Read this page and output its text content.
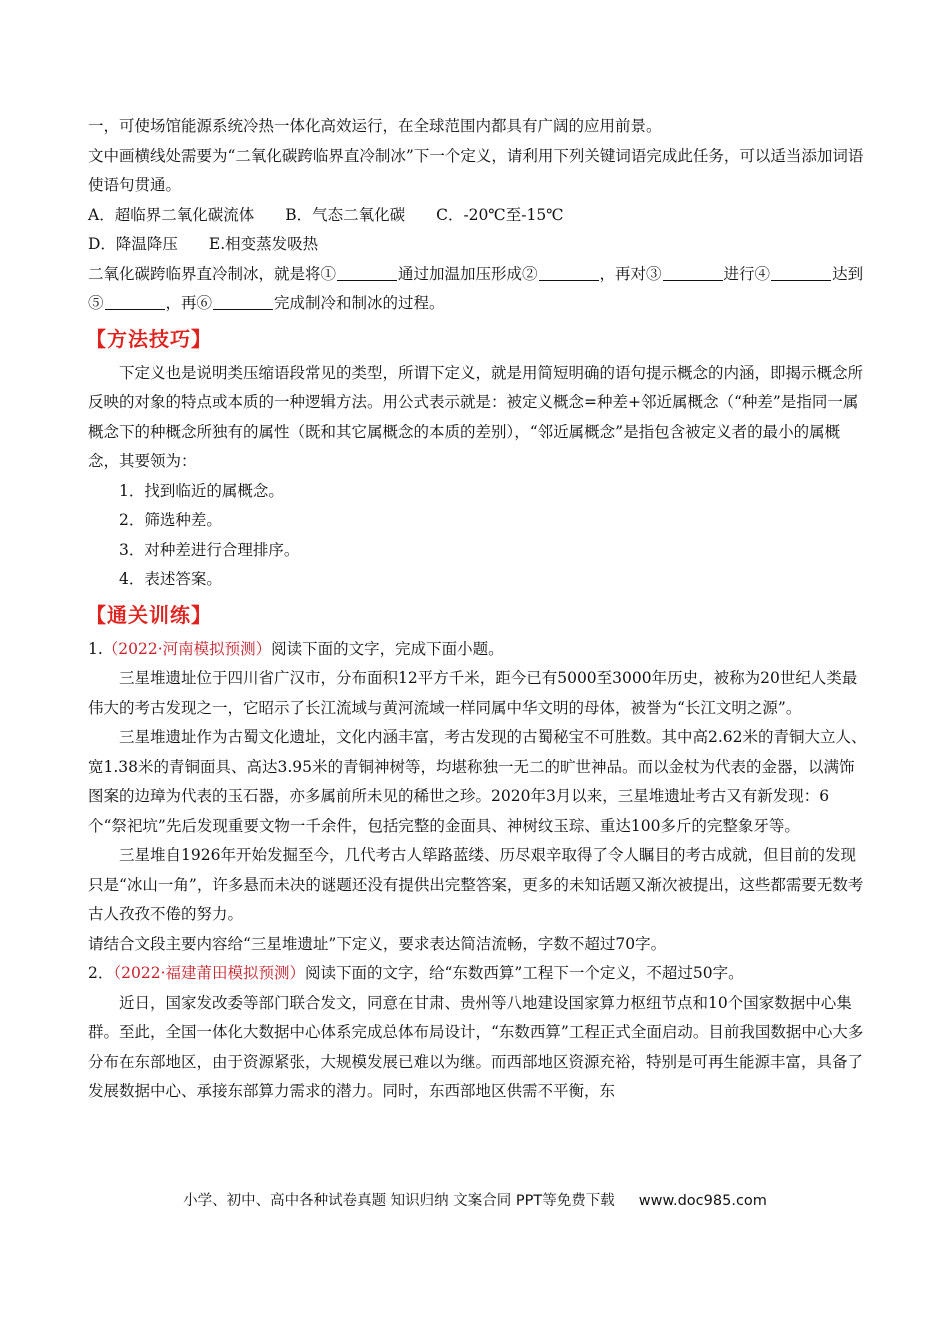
一，可使场馆能源系统冷热一体化高效运行，在全球范围内都具有广阔的应用前景。

文中画横线处需要为“二氧化碳跨临界直冷制冰”下一个定义，请利用下列关键词语完成此任务，可以适当添加词语使语句贯通。

A．超临界二氧化碳流体　　B．气态二氧化碳　　C．-20℃至-15℃

D．降温降压　　E.相变蒸发吸热

二氧化碳跨临界直冷制冰，就是将①	通过加温加压形成②	，再对③	进行④	达到⑤	，再⑥	完成制冷和制冰的过程。

【方法技巧】

下定义也是说明类压缩语段常见的类型，所谓下定义，就是用简短明确的语句提示概念的内涵，即揭示概念所反映的对象的特点或本质的一种逻辑方法。用公式表示就是：被定义概念=种差+邻近属概念（“种差”是指同一属概念下的种概念所独有的属性（既和其它属概念的本质的差别），“邻近属概念”是指包含被定义者的最小的属概念，其要领为：

1．找到临近的属概念。

2．筛选种差。

3．对种差进行合理排序。

4．表述答案。

【通关训练】

1.（2022·河南模拟预测）阅读下面的文字，完成下面小题。

三星堆遗址位于四川省广汉市，分布面积12平方千米，距今已有5000至3000年历史，被称为20世纪人类最伟大的考古发现之一，它昭示了长江流域与黄河流域一样同属中华文明的母体，被誉为“长江文明之源”。

三星堆遗址作为古蜀文化遗址，文化内涵丰富，考古发现的古蜀秘宝不可胜数。其中高2.62米的青铜大立人、宽1.38米的青铜面具、高达3.95米的青铜神树等，均堪称独一无二的旷世神品。而以金杖为代表的金器，以满饰图案的边璋为代表的玉石器，亦多属前所未见的稀世之珍。2020年3月以来，三星堆遗址考古又有新发现：6个“祭祀坑”先后发现重要文物一千余件，包括完整的金面具、神树纹玉琮、重达100多斤的完整象牙等。

三星堆自1926年开始发掘至今，几代考古人筚路蓝缕、历尽艰辛取得了令人瞩目的考古成就，但目前的发现只是“冰山一角”，许多悬而未决的谜题还没有提供出完整答案，更多的未知话题又渐次被提出，这些都需要无数考古人孜孜不倦的努力。

请结合文段主要内容给“三星堆遗址”下定义，要求表达简洁流畅，字数不超过70字。

2．（2022·福建莆田模拟预测）阅读下面的文字，给“东数西算”工程下一个定义，不超过50字。

近日，国家发改委等部门联合发文，同意在甘肃、贵州等八地建设国家算力枢纽节点和10个国家数据中心集群。至此，全国一体化大数据中心体系完成总体布局设计，“东数西算”工程正式全面启动。目前我国数据中心大多分布在东部地区，由于资源紧张，大规模发展已难以为继。而西部地区资源充裕，特别是可再生能源丰富，具备了发展数据中心、承接东部算力需求的潜力。同时，东西部地区供需不平衡，东

小学、初中、高中各种试卷真题 知识归纳 文案合同 PPT等免费下载 www.doc985.com
